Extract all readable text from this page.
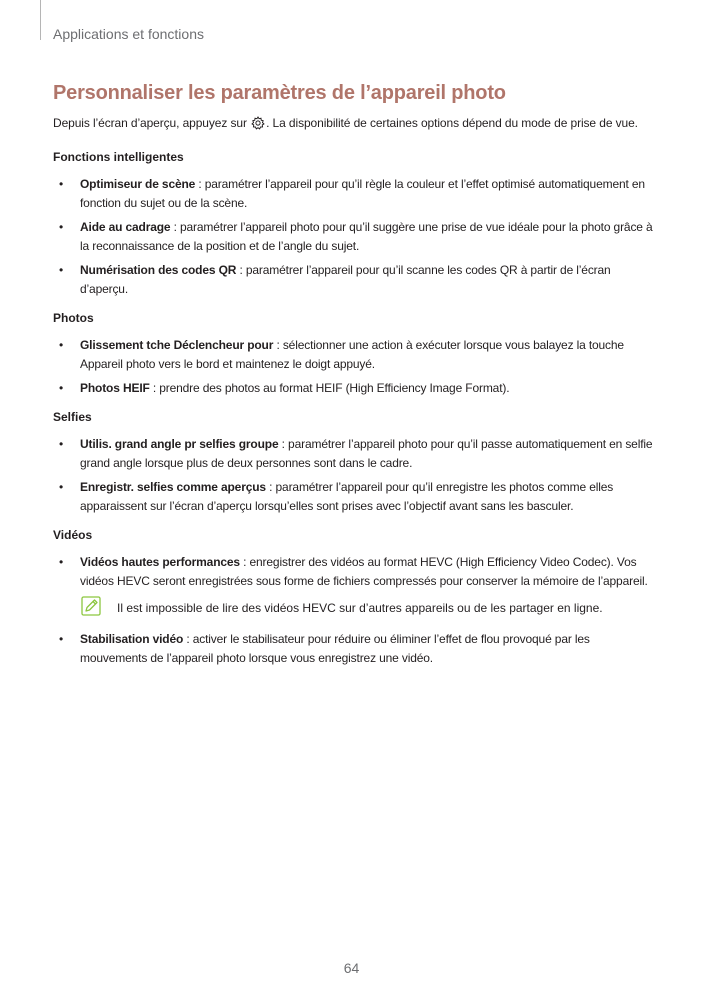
Applications et fonctions
Personnaliser les paramètres de l’appareil photo

Depuis l’écran d’aperçu, appuyez sur . La disponibilité de certaines options dépend du mode de prise de vue.

Fonctions intelligentes
• Optimiseur de scène : paramétrer l’appareil pour qu’il règle la couleur et l’effet optimisé automatiquement en fonction du sujet ou de la scène.
• Aide au cadrage : paramétrer l’appareil photo pour qu’il suggère une prise de vue idéale pour la photo grâce à la reconnaissance de la position et de l’angle du sujet.
• Numérisation des codes QR : paramétrer l’appareil pour qu’il scanne les codes QR à partir de l’écran d’aperçu.
Photos
• Glissement tche Déclencheur pour : sélectionner une action à exécuter lorsque vous balayez la touche Appareil photo vers le bord et maintenez le doigt appuyé.
• Photos HEIF : prendre des photos au format HEIF (High Efficiency Image Format).
Selfies
• Utilis. grand angle pr selfies groupe : paramétrer l’appareil photo pour qu’il passe automatiquement en selfie grand angle lorsque plus de deux personnes sont dans le cadre.
• Enregistr. selfies comme aperçus : paramétrer l’appareil pour qu’il enregistre les photos comme elles apparaissent sur l’écran d’aperçu lorsqu’elles sont prises avec l’objectif avant sans les basculer.
Vidéos
• Vidéos hautes performances : enregistrer des vidéos au format HEVC (High Efficiency Video Codec). Vos vidéos HEVC seront enregistrées sous forme de fichiers compressés pour conserver la mémoire de l’appareil.
Il est impossible de lire des vidéos HEVC sur d’autres appareils ou de les partager en ligne.
• Stabilisation vidéo : activer le stabilisateur pour réduire ou éliminer l’effet de flou provoqué par les mouvements de l’appareil photo lorsque vous enregistrez une vidéo.
64
